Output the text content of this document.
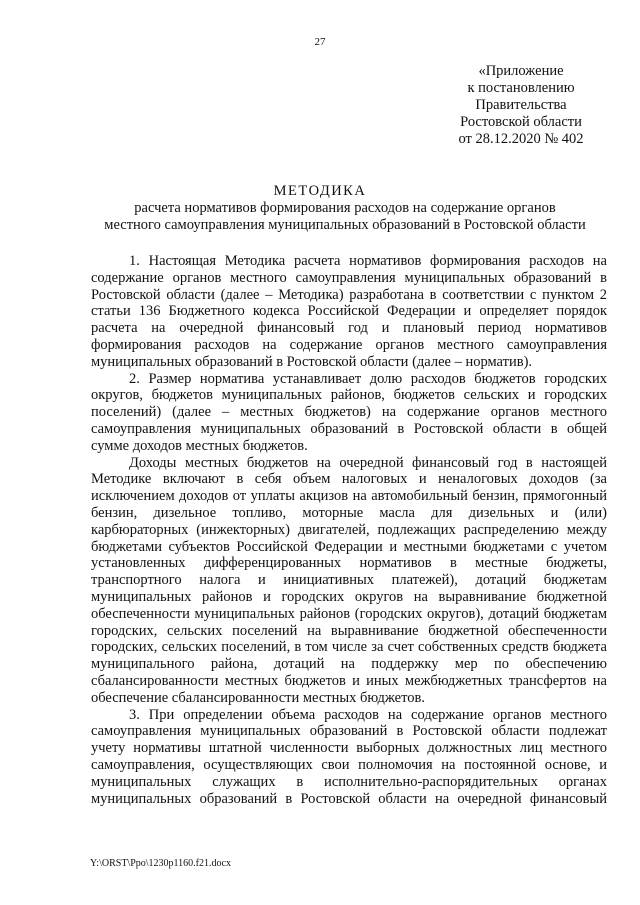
27
«Приложение
к постановлению
Правительства
Ростовской области
от 28.12.2020 № 402
МЕТОДИКА
расчета нормативов формирования расходов на содержание органов
местного самоуправления муниципальных образований в Ростовской области

1. Настоящая Методика расчета нормативов формирования расходов на содержание органов местного самоуправления муниципальных образований в Ростовской области (далее – Методика) разработана в соответствии с пунктом 2 статьи 136 Бюджетного кодекса Российской Федерации и определяет порядок расчета на очередной финансовый год и плановый период нормативов формирования расходов на содержание органов местного самоуправления муниципальных образований в Ростовской области (далее – норматив).

2. Размер норматива устанавливает долю расходов бюджетов городских округов, бюджетов муниципальных районов, бюджетов сельских и городских поселений) (далее – местных бюджетов) на содержание органов местного самоуправления муниципальных образований в Ростовской области в общей сумме доходов местных бюджетов.

Доходы местных бюджетов на очередной финансовый год в настоящей Методике включают в себя объем налоговых и неналоговых доходов (за исключением доходов от уплаты акцизов на автомобильный бензин, прямогонный бензин, дизельное топливо, моторные масла для дизельных и (или) карбюраторных (инжекторных) двигателей, подлежащих распределению между бюджетами субъектов Российской Федерации и местными бюджетами с учетом установленных дифференцированных нормативов в местные бюджеты, транспортного налога и инициативных платежей), дотаций бюджетам муниципальных районов и городских округов на выравнивание бюджетной обеспеченности муниципальных районов (городских округов), дотаций бюджетам городских, сельских поселений на выравнивание бюджетной обеспеченности городских, сельских поселений, в том числе за счет собственных средств бюджета муниципального района, дотаций на поддержку мер по обеспечению сбалансированности местных бюджетов и иных межбюджетных трансфертов на обеспечение сбалансированности местных бюджетов.

3. При определении объема расходов на содержание органов местного самоуправления муниципальных образований в Ростовской области подлежат учету нормативы штатной численности выборных должностных лиц местного самоуправления, осуществляющих свои полномочия на постоянной основе, и муниципальных служащих в исполнительно-распорядительных органах муниципальных образований в Ростовской области на очередной финансовый

Y:\ORST\Ppo\1230p1160.f21.docx
